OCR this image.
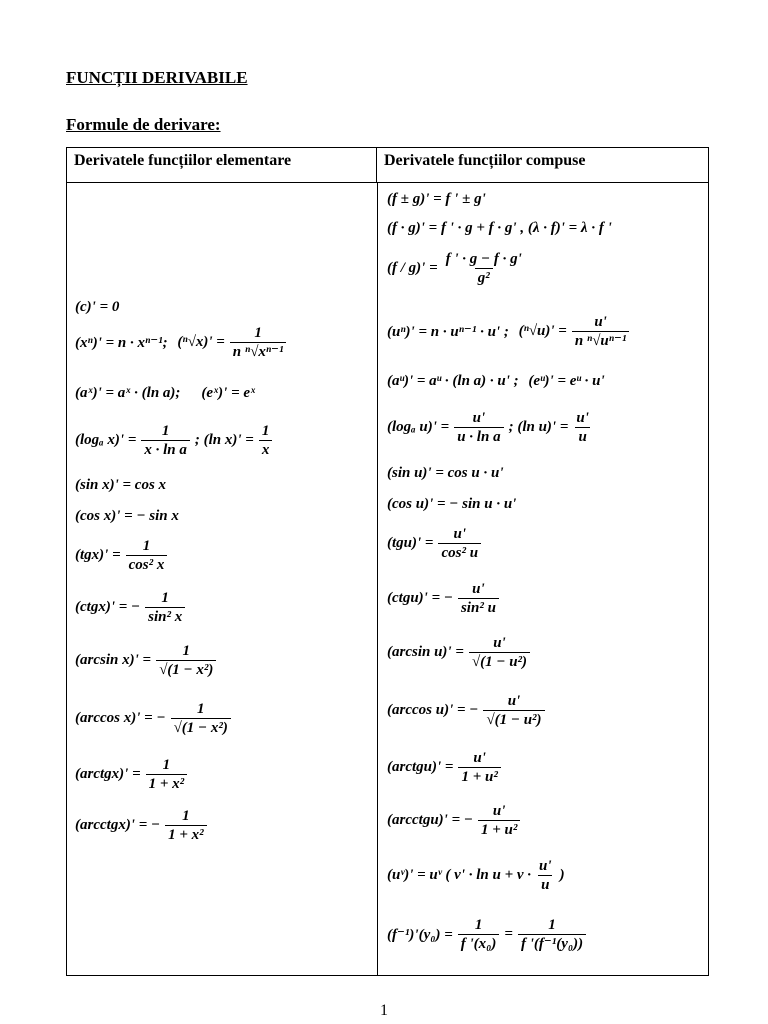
FUNCȚII DERIVABILE
Formule de derivare:
Derivatele funcțiilor elementare	Derivatele funcțiilor compuse
(c)' = 0
(xⁿ)' = n · xⁿ⁻¹;
$(^n√x)' = \frac{1}{\text{n ⁿ√xⁿ⁻¹}}$
(aˣ)' = aˣ · (ln a);
(eˣ)' = eˣ
(logₐ $x)' = \frac{1}{\text{x · ln a}}$ ; (ln $x)' = \frac{1}{x}$
(sin x)' = cos x
(cos x)' = − sin x
$(tgx)' = \frac{1}{\text{cos² x}}$
(ctgx)' = − $\frac{1}{\text{sin² x}}$
(arcsin $x)' = \frac{1}{\text{√(1 − x²)}}$
(arccos x)' = − $\frac{1}{\text{√(1 − x²)}}$
(arctgx)' = $\frac{1}{\text{1 + x²}}$
(arcctgx)' = − $\frac{1}{\text{1 + x²}}$
(f ± g)' = f ' ± g'
(f · g)' = f ' · g + f · g' , (λ · f)' = λ · f '
$(f / g)' = \frac{f ' \cdot g - f \cdot g'}{\text{g²}}$
(uⁿ)' = n · uⁿ⁻¹ · u' ;
$(^n√u)' = \frac{u'}{\text{n ⁿ√uⁿ⁻¹}}$
(aᵘ)' = aᵘ · (ln a) · u' ;
(eᵘ)' = eᵘ · u'
(logₐ $u)' = \frac{u'}{\text{u · ln a}}$ ; (ln $u)' = \frac{u'}{u}$
(sin u)' = cos u · u'
(cos u)' = − sin u · u'
$(tgu)' = \frac{u'}{\text{cos² u}}$
(ctgu)' = − $\frac{u'}{\text{sin² u}}$
(arcsin $u)' = \frac{u'}{\text{√(1 − u²)}}$
(arccos u)' = − $\frac{u'}{\text{√(1 − u²)}}$
(arctgu)' = $\frac{u'}{\text{1 + u²}}$
(arcctgu)' = − $\frac{u'}{\text{1 + u²}}$
(uᵛ)' = uᵛ ( v' · ln u + v ·
u'
u
)
$(f^{-1})'(y_0) = \frac{1}{\text{f '(x₀)}} = \frac{1}{\text{f '(f⁻¹(y₀))}}$
1
